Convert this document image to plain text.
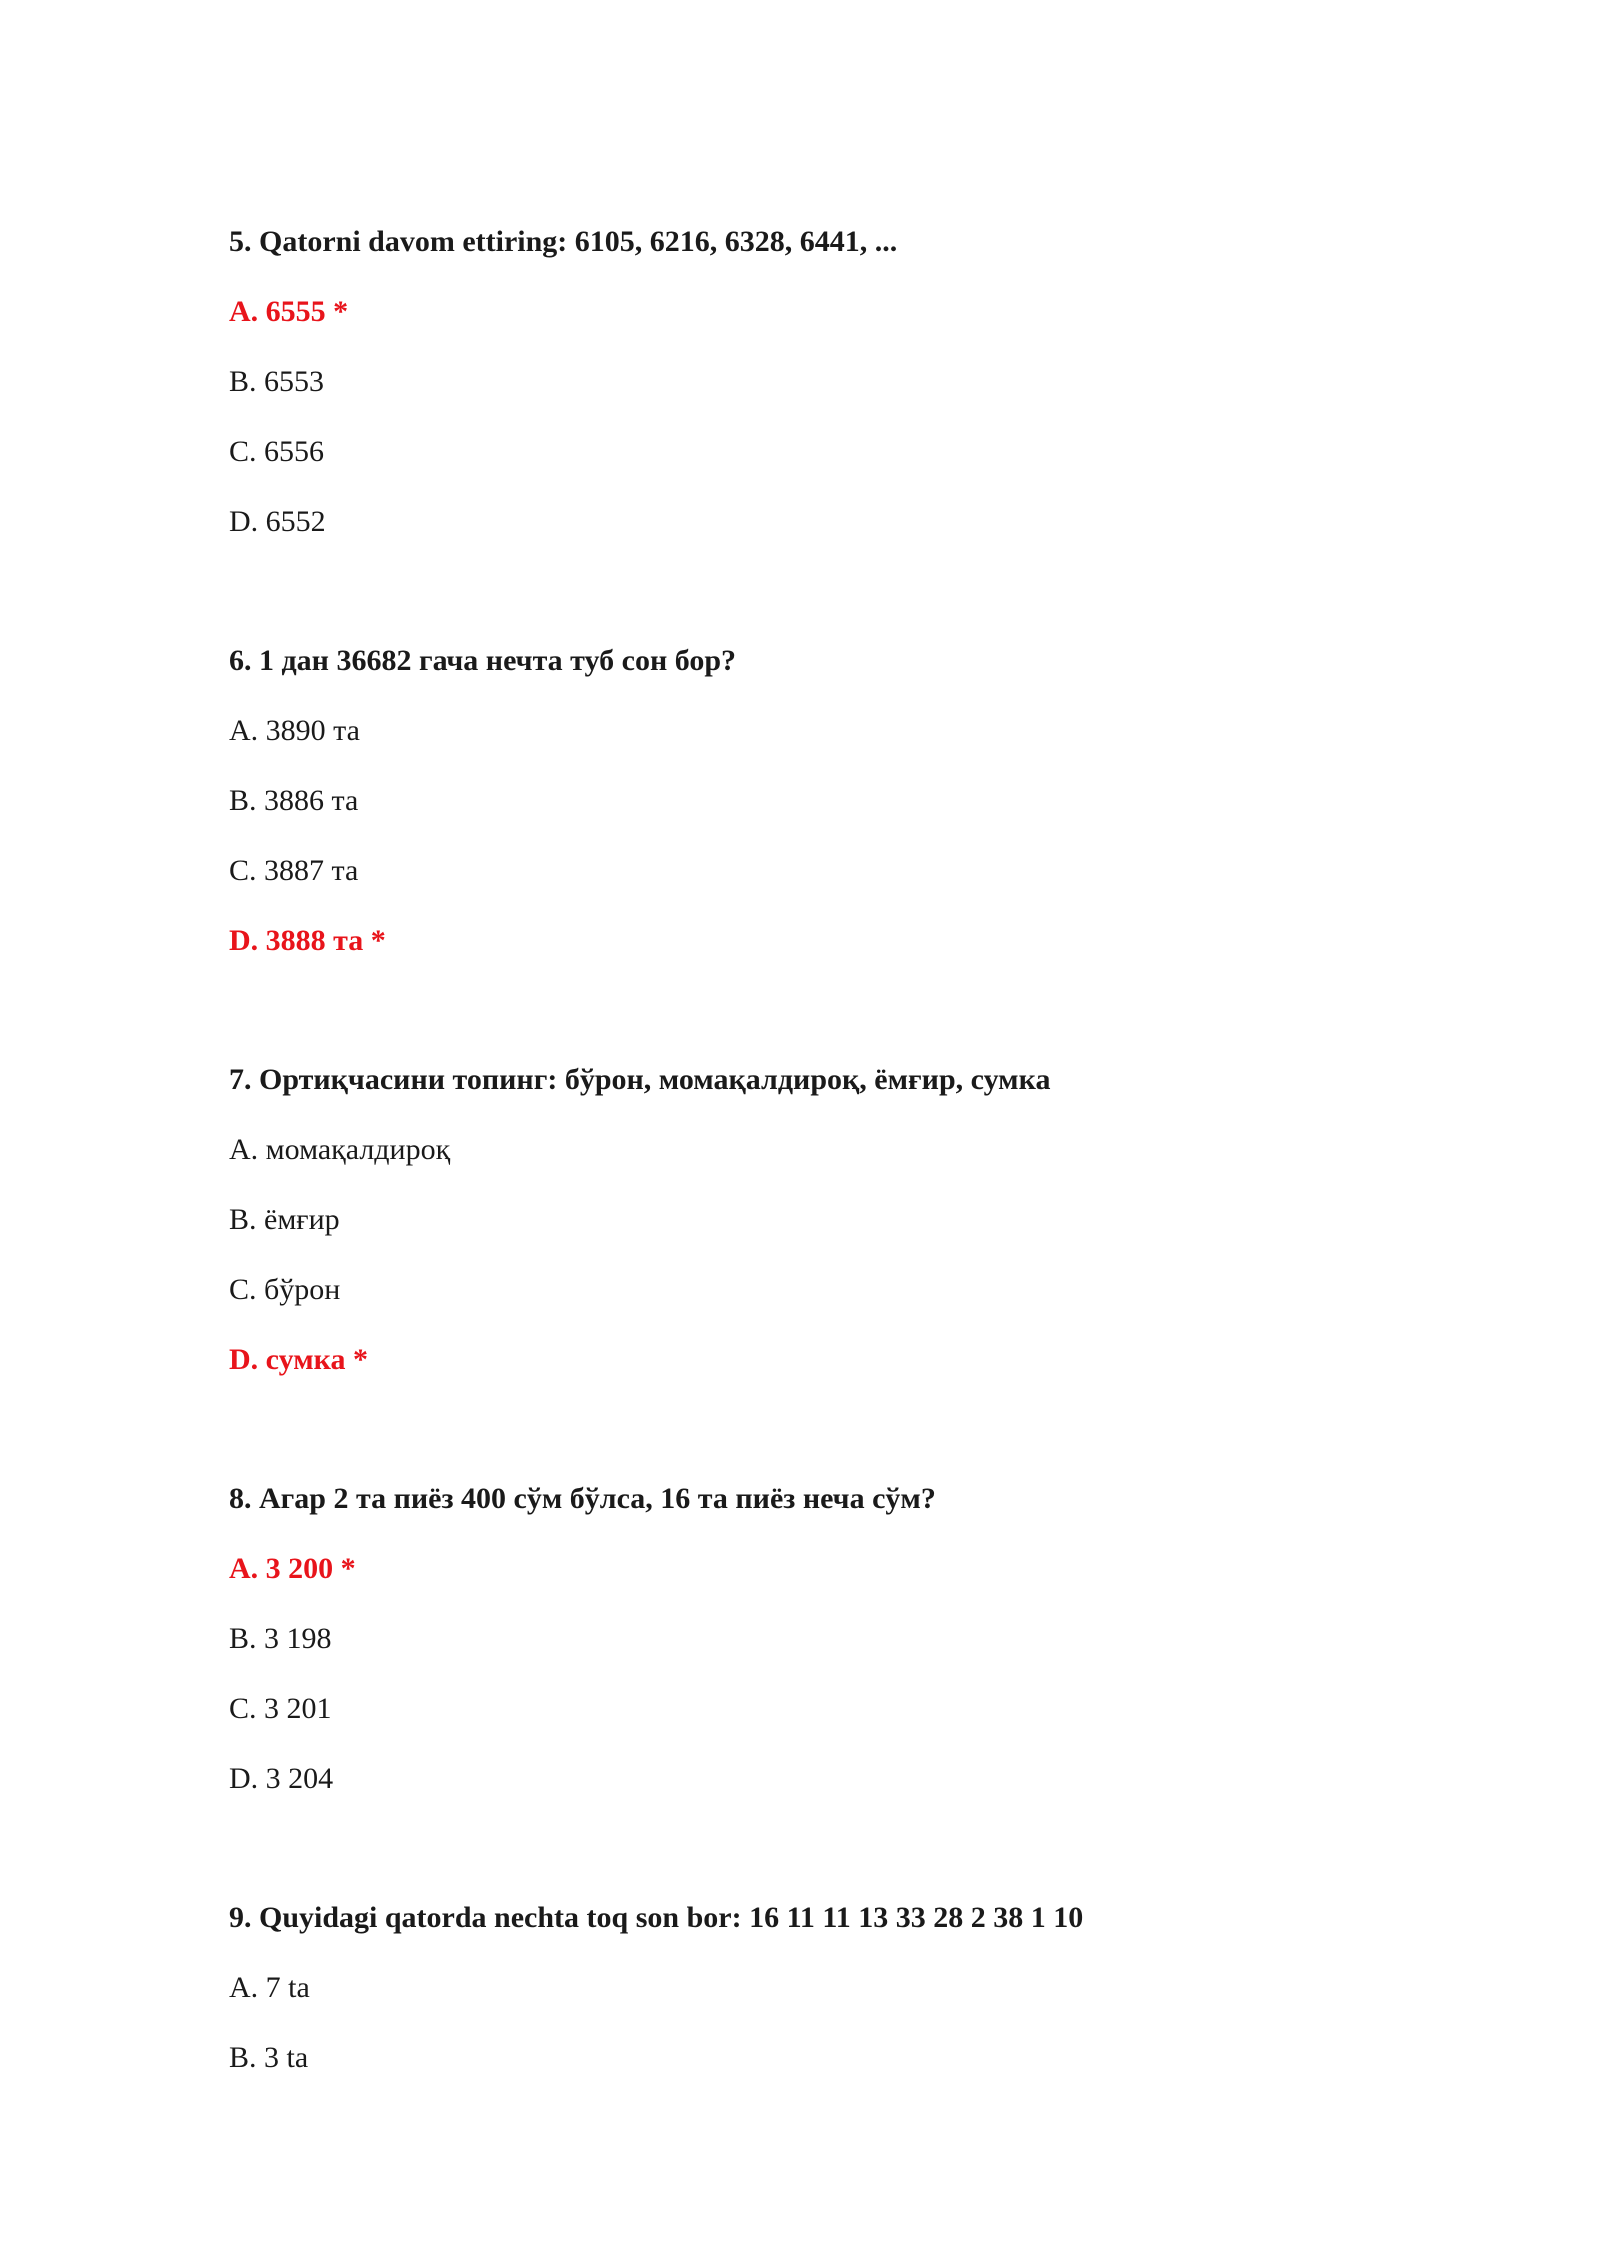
5. Qatorni davom ettiring: 6105, 6216, 6328, 6441, ...

A. 6555 *

B. 6553

C. 6556

D. 6552

6. 1 дан 36682 гача нечта туб сон бор?

A. 3890 та

B. 3886 та

C. 3887 та

D. 3888 та *

7. Ортиқчасини топинг: бўрон, момақалдироқ, ёмғир, сумка

A. момақалдироқ

B. ёмғир

C. бўрон

D. сумка *

8. Агар 2 та пиёз 400 сўм бўлса, 16 та пиёз неча сўм?

A. 3 200 *

B. 3 198

C. 3 201

D. 3 204

9. Quyidagi qatorda nechta toq son bor: 16 11 11 13 33 28 2 38 1 10

A. 7 ta

B. 3 ta
